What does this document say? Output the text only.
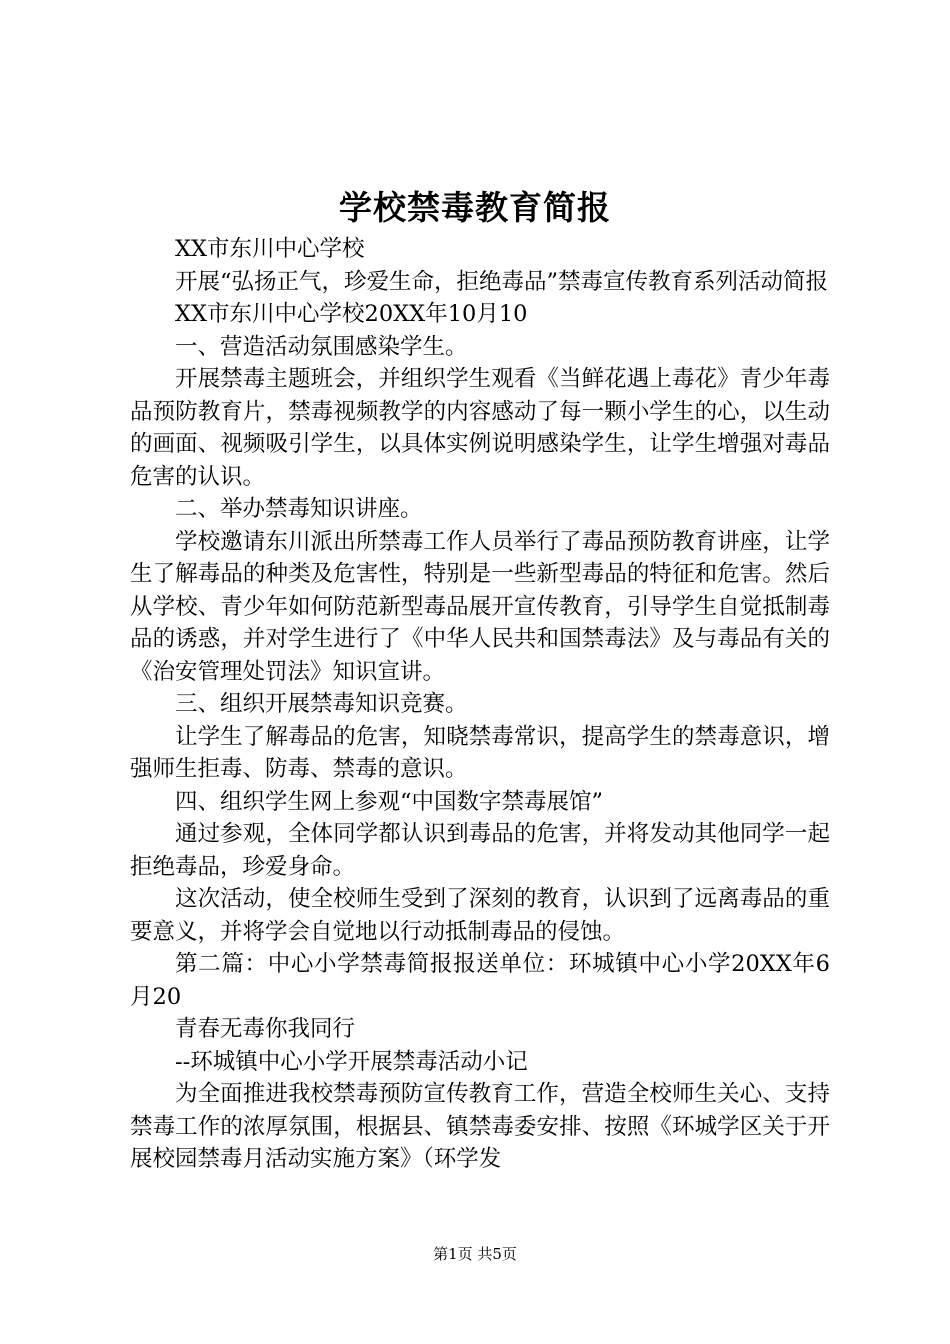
学校禁毒教育简报

XX市东川中心学校

开展“弘扬正气，珍爱生命，拒绝毒品”禁毒宣传教育系列活动简报

XX市东川中心学校20XX年10月10

一、营造活动氛围感染学生。

开展禁毒主题班会，并组织学生观看《当鲜花遇上毒花》青少年毒品预防教育片，禁毒视频教学的内容感动了每一颗小学生的心，以生动的画面、视频吸引学生，以具体实例说明感染学生，让学生增强对毒品危害的认识。

二、举办禁毒知识讲座。

学校邀请东川派出所禁毒工作人员举行了毒品预防教育讲座，让学生了解毒品的种类及危害性，特别是一些新型毒品的特征和危害。然后从学校、青少年如何防范新型毒品展开宣传教育，引导学生自觉抵制毒品的诱惑，并对学生进行了《中华人民共和国禁毒法》及与毒品有关的《治安管理处罚法》知识宣讲。

三、组织开展禁毒知识竞赛。

让学生了解毒品的危害，知晓禁毒常识，提高学生的禁毒意识，增强师生拒毒、防毒、禁毒的意识。

四、组织学生网上参观“中国数字禁毒展馆”

通过参观，全体同学都认识到毒品的危害，并将发动其他同学一起拒绝毒品，珍爱身命。

这次活动，使全校师生受到了深刻的教育，认识到了远离毒品的重要意义，并将学会自觉地以行动抵制毒品的侵蚀。

第二篇：中心小学禁毒简报报送单位：环城镇中心小学20XX年6月20

青春无毒你我同行

--环城镇中心小学开展禁毒活动小记

为全面推进我校禁毒预防宣传教育工作，营造全校师生关心、支持禁毒工作的浓厚氛围，根据县、镇禁毒委安排、按照《环城学区关于开展校园禁毒月活动实施方案》（环学发

第1页 共5页
